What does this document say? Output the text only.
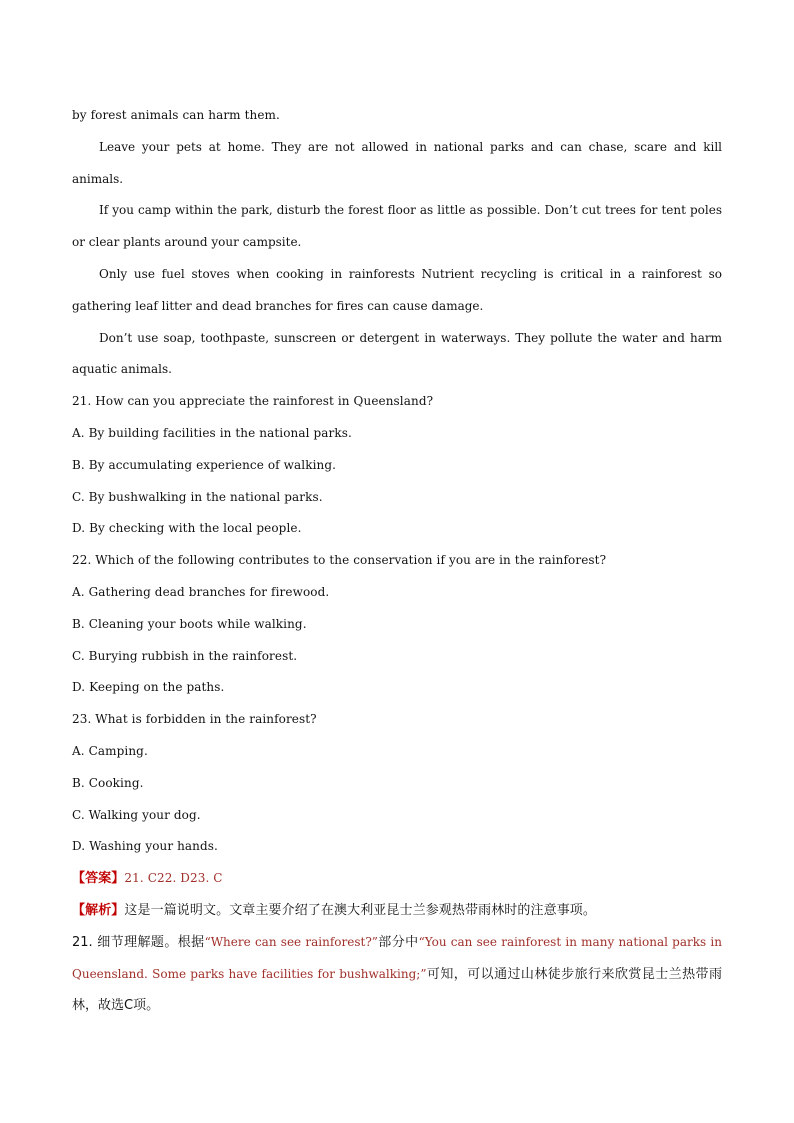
by forest animals can harm them.
Leave your pets at home. They are not allowed in national parks and can chase, scare and kill animals.
If you camp within the park, disturb the forest floor as little as possible. Don’t cut trees for tent poles or clear plants around your campsite.
Only use fuel stoves when cooking in rainforests Nutrient recycling is critical in a rainforest so gathering leaf litter and dead branches for fires can cause damage.
Don’t use soap, toothpaste, sunscreen or detergent in waterways. They pollute the water and harm aquatic animals.
21. How can you appreciate the rainforest in Queensland?
A. By building facilities in the national parks.
B. By accumulating experience of walking.
C. By bushwalking in the national parks.
D. By checking with the local people.
22. Which of the following contributes to the conservation if you are in the rainforest?
A. Gathering dead branches for firewood.
B. Cleaning your boots while walking.
C. Burying rubbish in the rainforest.
D. Keeping on the paths.
23. What is forbidden in the rainforest?
A. Camping.
B. Cooking.
C. Walking your dog.
D. Washing your hands.
【答案】21. C22. D23. C
【解析】这是一篇说明文。文章主要介绍了在澳大利亚昆士兰参观热带雨林时的注意事项。
21. 细节理解题。根据“Where can see rainforest?”部分中“You can see rainforest in many national parks in Queensland. Some parks have facilities for bushwalking;”可知，可以通过山林徒步旅行来欣赏昆士兰热带雨林，故选C项。
